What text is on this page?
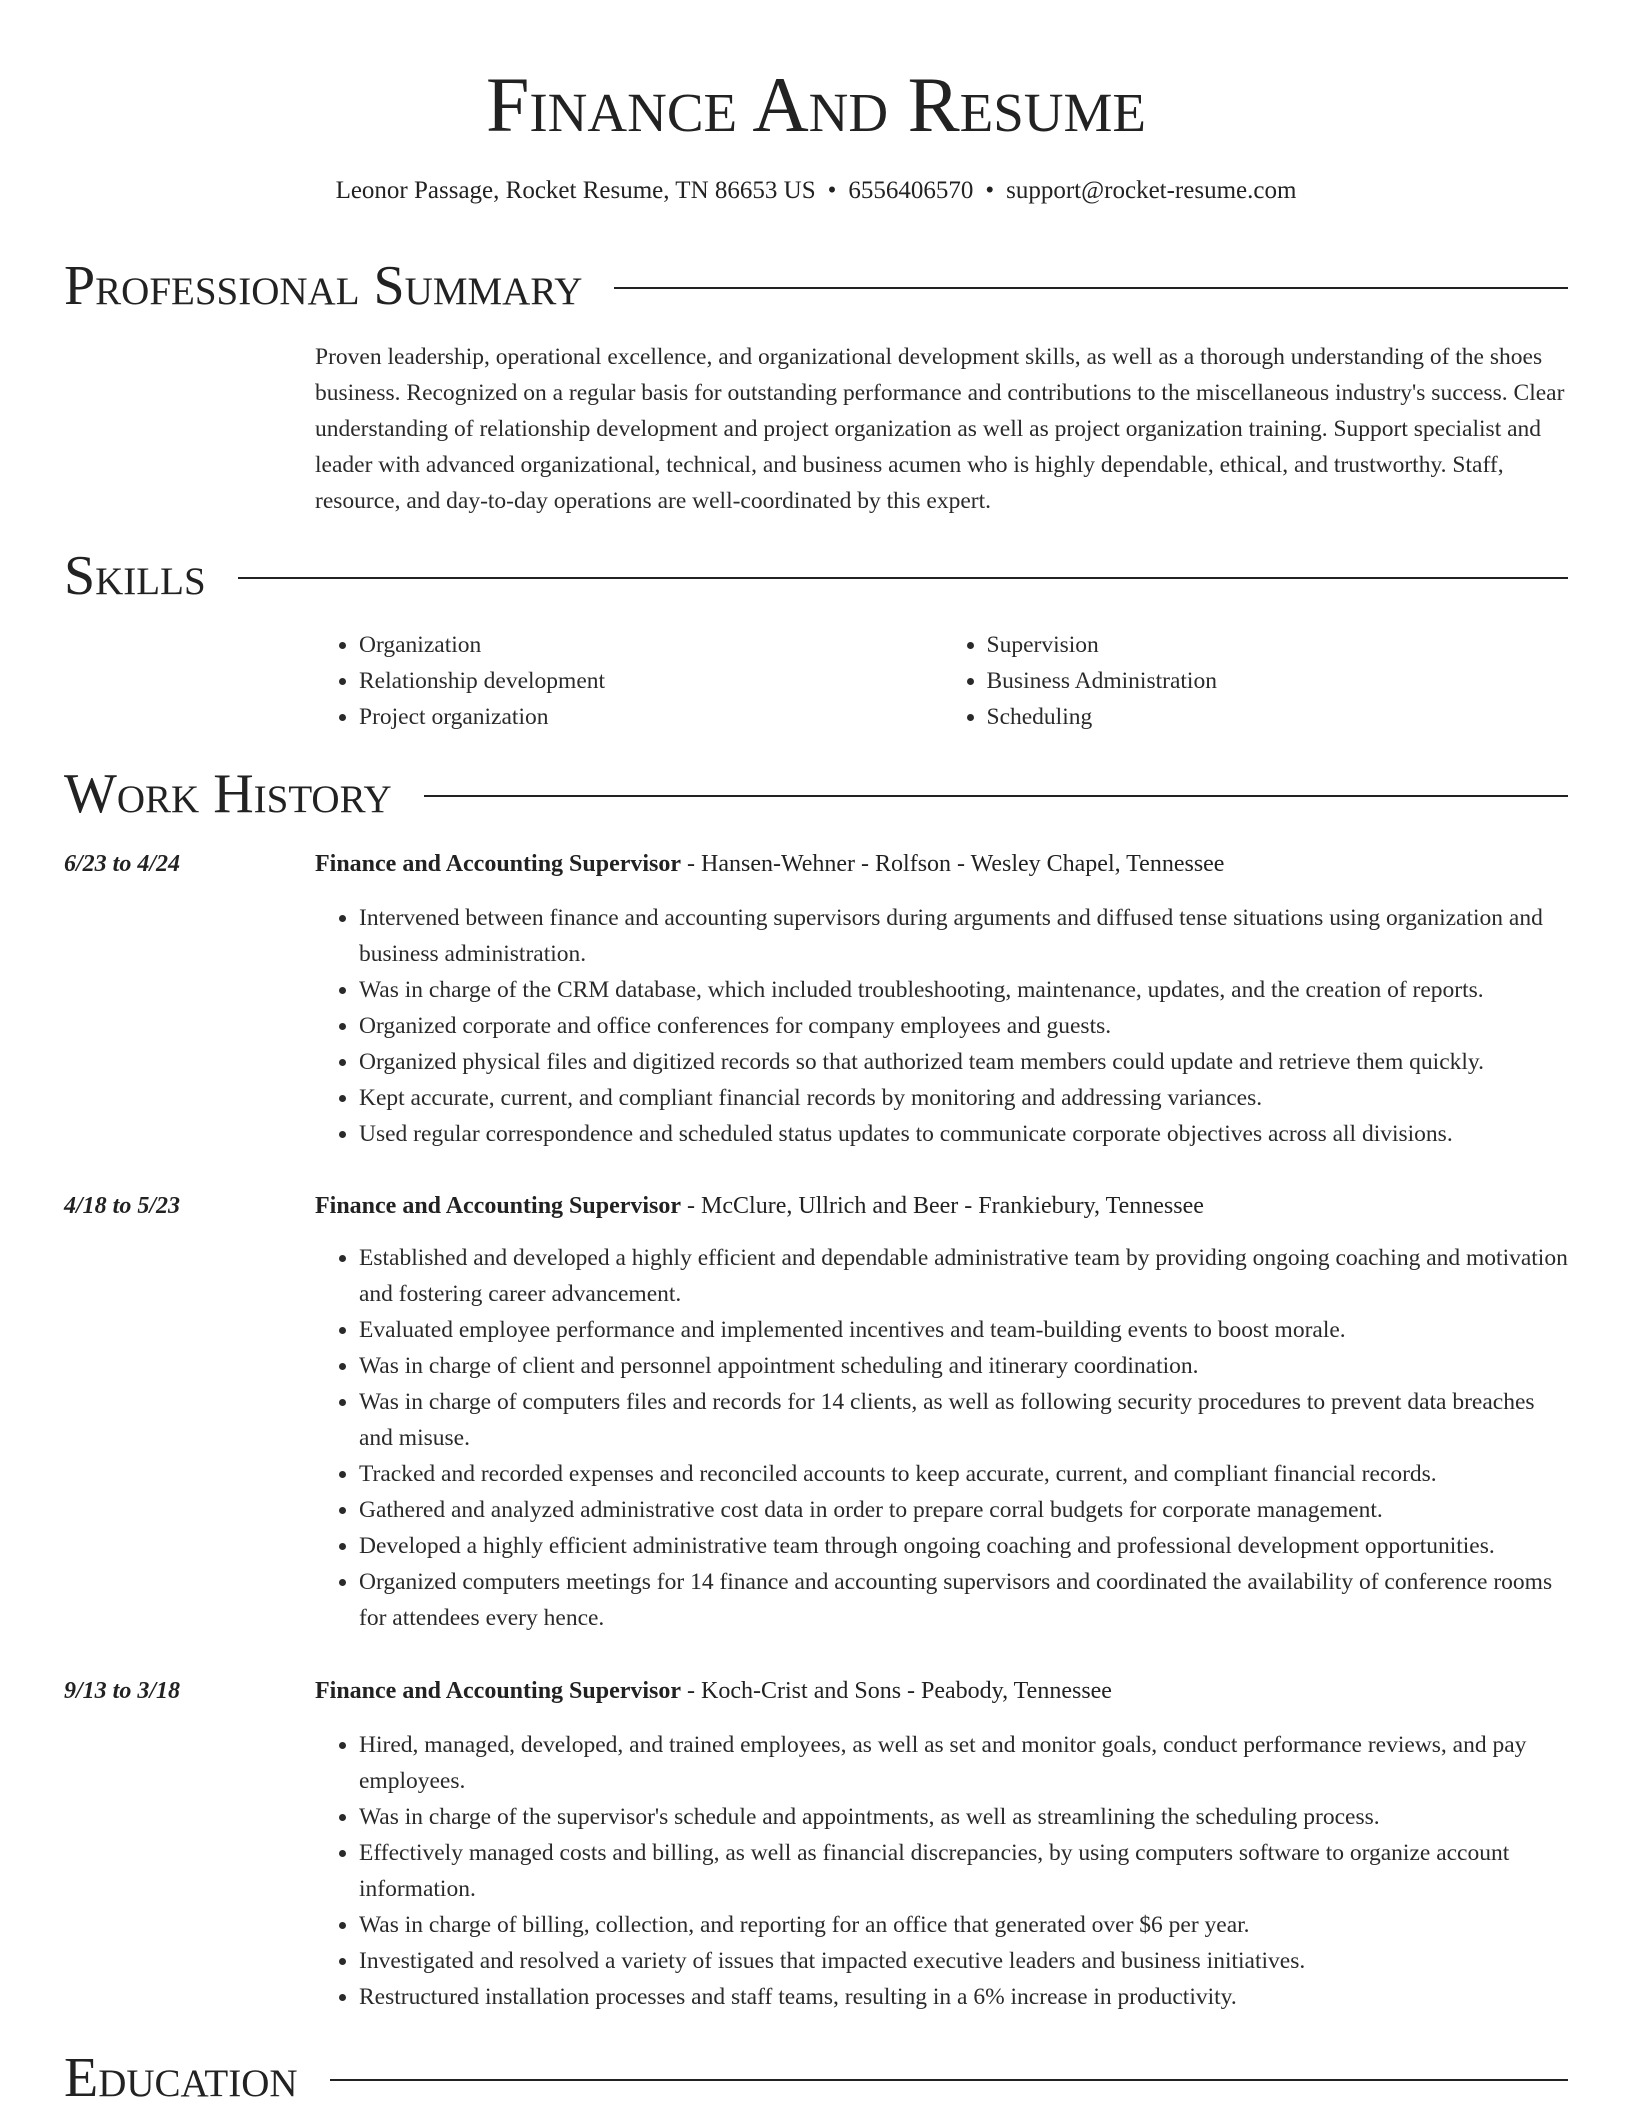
Finance And Resume
Leonor Passage, Rocket Resume, TN 86653 US • 6556406570 • support@rocket-resume.com
Professional Summary

Proven leadership, operational excellence, and organizational development skills, as well as a thorough understanding of the shoes business. Recognized on a regular basis for outstanding performance and contributions to the miscellaneous industry's success. Clear understanding of relationship development and project organization as well as project organization training. Support specialist and leader with advanced organizational, technical, and business acumen who is highly dependable, ethical, and trustworthy. Staff, resource, and day-to-day operations are well-coordinated by this expert.

Skills
• Organization
• Relationship development
• Project organization
• Supervision
• Business Administration
• Scheduling
Work History
6/23 to 4/24	Finance and Accounting Supervisor - Hansen-Wehner - Rolfson - Wesley Chapel, Tennessee
• Intervened between finance and accounting supervisors during arguments and diffused tense situations using organization and business administration.
• Was in charge of the CRM database, which included troubleshooting, maintenance, updates, and the creation of reports.
• Organized corporate and office conferences for company employees and guests.
• Organized physical files and digitized records so that authorized team members could update and retrieve them quickly.
• Kept accurate, current, and compliant financial records by monitoring and addressing variances.
• Used regular correspondence and scheduled status updates to communicate corporate objectives across all divisions.
4/18 to 5/23	Finance and Accounting Supervisor - McClure, Ullrich and Beer - Frankiebury, Tennessee
• Established and developed a highly efficient and dependable administrative team by providing ongoing coaching and motivation and fostering career advancement.
• Evaluated employee performance and implemented incentives and team-building events to boost morale.
• Was in charge of client and personnel appointment scheduling and itinerary coordination.
• Was in charge of computers files and records for 14 clients, as well as following security procedures to prevent data breaches and misuse.
• Tracked and recorded expenses and reconciled accounts to keep accurate, current, and compliant financial records.
• Gathered and analyzed administrative cost data in order to prepare corral budgets for corporate management.
• Developed a highly efficient administrative team through ongoing coaching and professional development opportunities.
• Organized computers meetings for 14 finance and accounting supervisors and coordinated the availability of conference rooms for attendees every hence.
9/13 to 3/18	Finance and Accounting Supervisor - Koch-Crist and Sons - Peabody, Tennessee
• Hired, managed, developed, and trained employees, as well as set and monitor goals, conduct performance reviews, and pay employees.
• Was in charge of the supervisor's schedule and appointments, as well as streamlining the scheduling process.
• Effectively managed costs and billing, as well as financial discrepancies, by using computers software to organize account information.
• Was in charge of billing, collection, and reporting for an office that generated over $6 per year.
• Investigated and resolved a variety of issues that impacted executive leaders and business initiatives.
• Restructured installation processes and staff teams, resulting in a 6% increase in productivity.
Education
